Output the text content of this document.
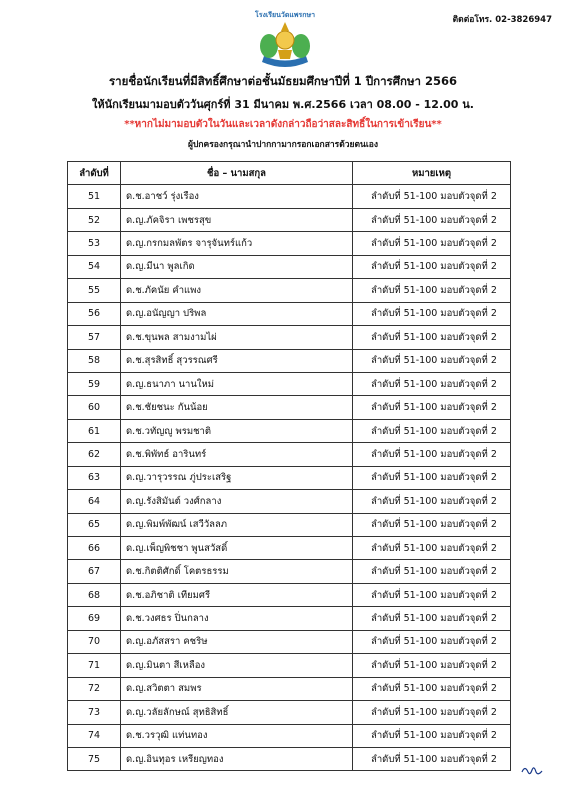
ติดต่อโทร. 02-3826947
โรงเรียนวัดแพรกษา
รายชื่อนักเรียนที่มีสิทธิ์ศึกษาต่อชั้นมัธยมศึกษาปีที่ 1 ปีการศึกษา 2566
ให้นักเรียนมามอบตัววันศุกร์ที่ 31 มีนาคม พ.ศ.2566 เวลา 08.00 - 12.00 น.
**หากไม่มามอบตัวในวันและเวลาดังกล่าวถือว่าสละสิทธิ์ในการเข้าเรียน**
ผู้ปกครองกรุณานำปากกามากรอกเอกสารด้วยตนเอง
ลำดับที่	ชื่อ – นามสกุล	หมายเหตุ
51	ด.ช.อาชว์ รุ่งเรือง	ลำดับที่ 51-100 มอบตัวจุดที่ 2
52	ด.ญ.ภัคจิรา เพชรสุข	ลำดับที่ 51-100 มอบตัวจุดที่ 2
53	ด.ญ.กรกมลพัตร จารุจันทร์แก้ว	ลำดับที่ 51-100 มอบตัวจุดที่ 2
54	ด.ญ.มีนา พูลเกิด	ลำดับที่ 51-100 มอบตัวจุดที่ 2
55	ด.ช.ภัคนัย คำแพง	ลำดับที่ 51-100 มอบตัวจุดที่ 2
56	ด.ญ.อนัญญา ปริพล	ลำดับที่ 51-100 มอบตัวจุดที่ 2
57	ด.ช.ขุนพล สามงามไผ่	ลำดับที่ 51-100 มอบตัวจุดที่ 2
58	ด.ช.สุรสิทธิ์ สุวรรณศรี	ลำดับที่ 51-100 มอบตัวจุดที่ 2
59	ด.ญ.ธนาภา นานใหม่	ลำดับที่ 51-100 มอบตัวจุดที่ 2
60	ด.ช.ชัยชนะ กันน้อย	ลำดับที่ 51-100 มอบตัวจุดที่ 2
61	ด.ช.วทัญญู พรมชาติ	ลำดับที่ 51-100 มอบตัวจุดที่ 2
62	ด.ช.พิพัทธ์ อารินทร์	ลำดับที่ 51-100 มอบตัวจุดที่ 2
63	ด.ญ.วารุวรรณ ภู่ประเสริฐ	ลำดับที่ 51-100 มอบตัวจุดที่ 2
64	ด.ญ.รังสิมันต์ วงศ์กลาง	ลำดับที่ 51-100 มอบตัวจุดที่ 2
65	ด.ญ.พิมพ์พัฒน์ เสวีวัลลภ	ลำดับที่ 51-100 มอบตัวจุดที่ 2
66	ด.ญ.เพ็ญพิชชา พูนสวัสดิ์	ลำดับที่ 51-100 มอบตัวจุดที่ 2
67	ด.ช.กิตติศักดิ์ โคตรธรรม	ลำดับที่ 51-100 มอบตัวจุดที่ 2
68	ด.ช.อภิชาติ เทียมศรี	ลำดับที่ 51-100 มอบตัวจุดที่ 2
69	ด.ช.วงศธร ปิ่นกลาง	ลำดับที่ 51-100 มอบตัวจุดที่ 2
70	ด.ญ.อภัสสรา คชริษ	ลำดับที่ 51-100 มอบตัวจุดที่ 2
71	ด.ญ.มินตา สีเหลือง	ลำดับที่ 51-100 มอบตัวจุดที่ 2
72	ด.ญ.สวิตตา สมพร	ลำดับที่ 51-100 มอบตัวจุดที่ 2
73	ด.ญ.วลัยลักษณ์ สุทธิสิทธิ์	ลำดับที่ 51-100 มอบตัวจุดที่ 2
74	ด.ช.วรวุฒิ แท่นทอง	ลำดับที่ 51-100 มอบตัวจุดที่ 2
75	ด.ญ.อินทุอร เหรียญทอง	ลำดับที่ 51-100 มอบตัวจุดที่ 2
